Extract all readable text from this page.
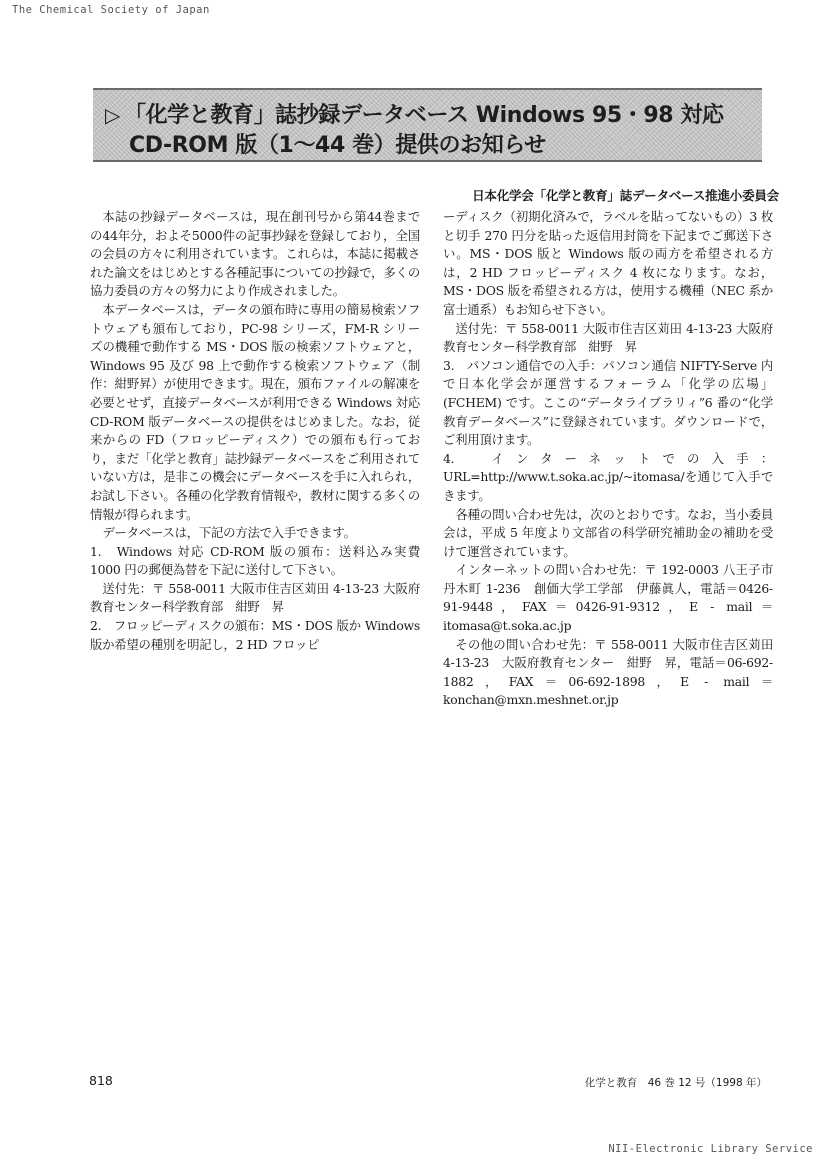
The Chemical Society of Japan
▷ 「化学と教育」誌抄録データベース Windows 95・98 対応
CD-ROM 版（1～44 巻）提供のお知らせ
日本化学会「化学と教育」誌データベース推進小委員会

本誌の抄録データベースは，現在創刊号から第44巻までの44年分，およそ5000件の記事抄録を登録しており，全国の会員の方々に利用されています。これらは，本誌に掲載された論文をはじめとする各種記事についての抄録で，多くの協力委員の方々の努力により作成されました。

本データベースは，データの頒布時に専用の簡易検索ソフトウェアも頒布しており，PC-98 シリーズ，FM-R シリーズの機種で動作する MS・DOS 版の検索ソフトウェアと，Windows 95 及び 98 上で動作する検索ソフトウェア（制作：紺野昇）が使用できます。現在，頒布ファイルの解凍を必要とせず，直接データベースが利用できる Windows 対応 CD-ROM 版データベースの提供をはじめました。なお，従来からの FD（フロッピーディスク）での頒布も行っており，まだ「化学と教育」誌抄録データベースをご利用されていない方は，是非この機会にデータベースを手に入れられ，お試し下さい。各種の化学教育情報や，教材に関する多くの情報が得られます。

データベースは，下記の方法で入手できます。

1.　Windows 対応 CD-ROM 版の頒布：送料込み実費 1000 円の郵便為替を下記に送付して下さい。

送付先：〒 558-0011 大阪市住吉区苅田 4-13-23 大阪府教育センター科学教育部　紺野　昇

2.　フロッピーディスクの頒布：MS・DOS 版か Windows 版か希望の種別を明記し，2 HD フロッピ

ーディスク（初期化済みで，ラベルを貼ってないもの）3 枚と切手 270 円分を貼った返信用封筒を下記までご郵送下さい。MS・DOS 版と Windows 版の両方を希望される方は，2 HD フロッピーディスク 4 枚になります。なお，MS・DOS 版を希望される方は，使用する機種（NEC 系か富士通系）もお知らせ下さい。

送付先：〒 558-0011 大阪市住吉区苅田 4-13-23 大阪府教育センター科学教育部　紺野　昇

3.　パソコン通信での入手：パソコン通信 NIFTY-Serve 内で日本化学会が運営するフォーラム「化学の広場」(FCHEM) です。ここの“データライブラリィ”6 番の“化学教育データベース”に登録されています。ダウンロードで，ご利用頂けます。

4.　インターネットでの入手：URL=http://www.t.soka.ac.jp/~itomasa/を通じて入手できます。

各種の問い合わせ先は，次のとおりです。なお，当小委員会は，平成 5 年度より文部省の科学研究補助金の補助を受けて運営されています。

インターネットの問い合わせ先：〒 192-0003 八王子市丹木町 1-236　創価大学工学部　伊藤眞人，電話＝0426-91-9448，FAX＝0426-91-9312，E - mail＝itomasa@t.soka.ac.jp

その他の問い合わせ先：〒 558-0011 大阪市住吉区苅田 4-13-23　大阪府教育センター　紺野　昇，電話＝06-692-1882，FAX＝06-692-1898，E - mail＝konchan@mxn.meshnet.or.jp

818	化学と教育　46 巻 12 号（1998 年）
NII-Electronic Library Service
